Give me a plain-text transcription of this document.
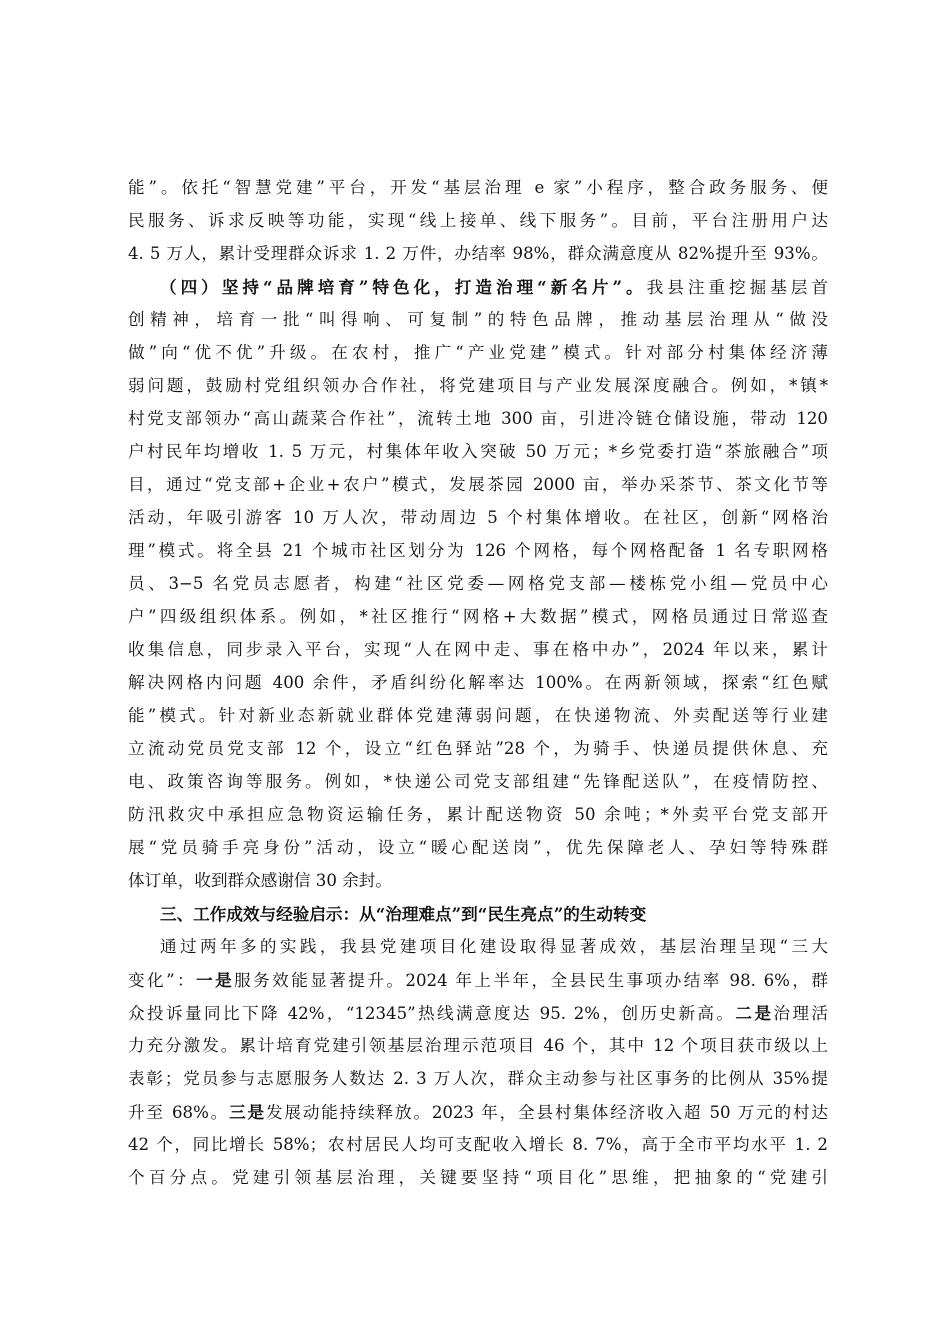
能”。依托“智慧党建”平台，开发“基层治理 e 家”小程序，整合政务服务、便
民服务、诉求反映等功能，实现“线上接单、线下服务”。目前，平台注册用户达
4. 5 万人，累计受理群众诉求 1. 2 万件，办结率 98%，群众满意度从 82%提升至 93%。
（四）坚持“品牌培育”特色化，打造治理“新名片”。我县注重挖掘基层首
创精神，培育一批“叫得响、可复制”的特色品牌，推动基层治理从“做没
做”向“优不优”升级。在农村，推广“产业党建”模式。针对部分村集体经济薄
弱问题，鼓励村党组织领办合作社，将党建项目与产业发展深度融合。例如，*镇*
村党支部领办“高山蔬菜合作社”，流转土地 300 亩，引进冷链仓储设施，带动 120
户村民年均增收 1. 5 万元，村集体年收入突破 50 万元；*乡党委打造“茶旅融合”项
目，通过“党支部+企业+农户”模式，发展茶园 2000 亩，举办采茶节、茶文化节等
活动，年吸引游客 10 万人次，带动周边 5 个村集体增收。在社区，创新“网格治
理”模式。将全县 21 个城市社区划分为 126 个网格，每个网格配备 1 名专职网格
员、3−5 名党员志愿者，构建“社区党委—网格党支部—楼栋党小组—党员中心
户”四级组织体系。例如，*社区推行“网格+大数据”模式，网格员通过日常巡查
收集信息，同步录入平台，实现“人在网中走、事在格中办”，2024 年以来，累计
解决网格内问题 400 余件，矛盾纠纷化解率达 100%。在两新领域，探索“红色赋
能”模式。针对新业态新就业群体党建薄弱问题，在快递物流、外卖配送等行业建
立流动党员党支部 12 个，设立“红色驿站”28 个，为骑手、快递员提供休息、充
电、政策咨询等服务。例如，*快递公司党支部组建“先锋配送队”，在疫情防控、
防汛救灾中承担应急物资运输任务，累计配送物资 50 余吨；*外卖平台党支部开
展“党员骑手亮身份”活动，设立“暖心配送岗”，优先保障老人、孕妇等特殊群
体订单，收到群众感谢信 30 余封。
三、工作成效与经验启示：从“治理难点”到“民生亮点”的生动转变
通过两年多的实践，我县党建项目化建设取得显著成效，基层治理呈现“三大
变化”：一是服务效能显著提升。2024 年上半年，全县民生事项办结率 98. 6%，群
众投诉量同比下降 42%，“12345”热线满意度达 95. 2%，创历史新高。二是治理活
力充分激发。累计培育党建引领基层治理示范项目 46 个，其中 12 个项目获市级以上
表彰；党员参与志愿服务人数达 2. 3 万人次，群众主动参与社区事务的比例从 35%提
升至 68%。三是发展动能持续释放。2023 年，全县村集体经济收入超 50 万元的村达
42 个，同比增长 58%；农村居民人均可支配收入增长 8. 7%，高于全市平均水平 1. 2
个百分点。党建引领基层治理，关键要坚持“项目化”思维，把抽象的“党建引
